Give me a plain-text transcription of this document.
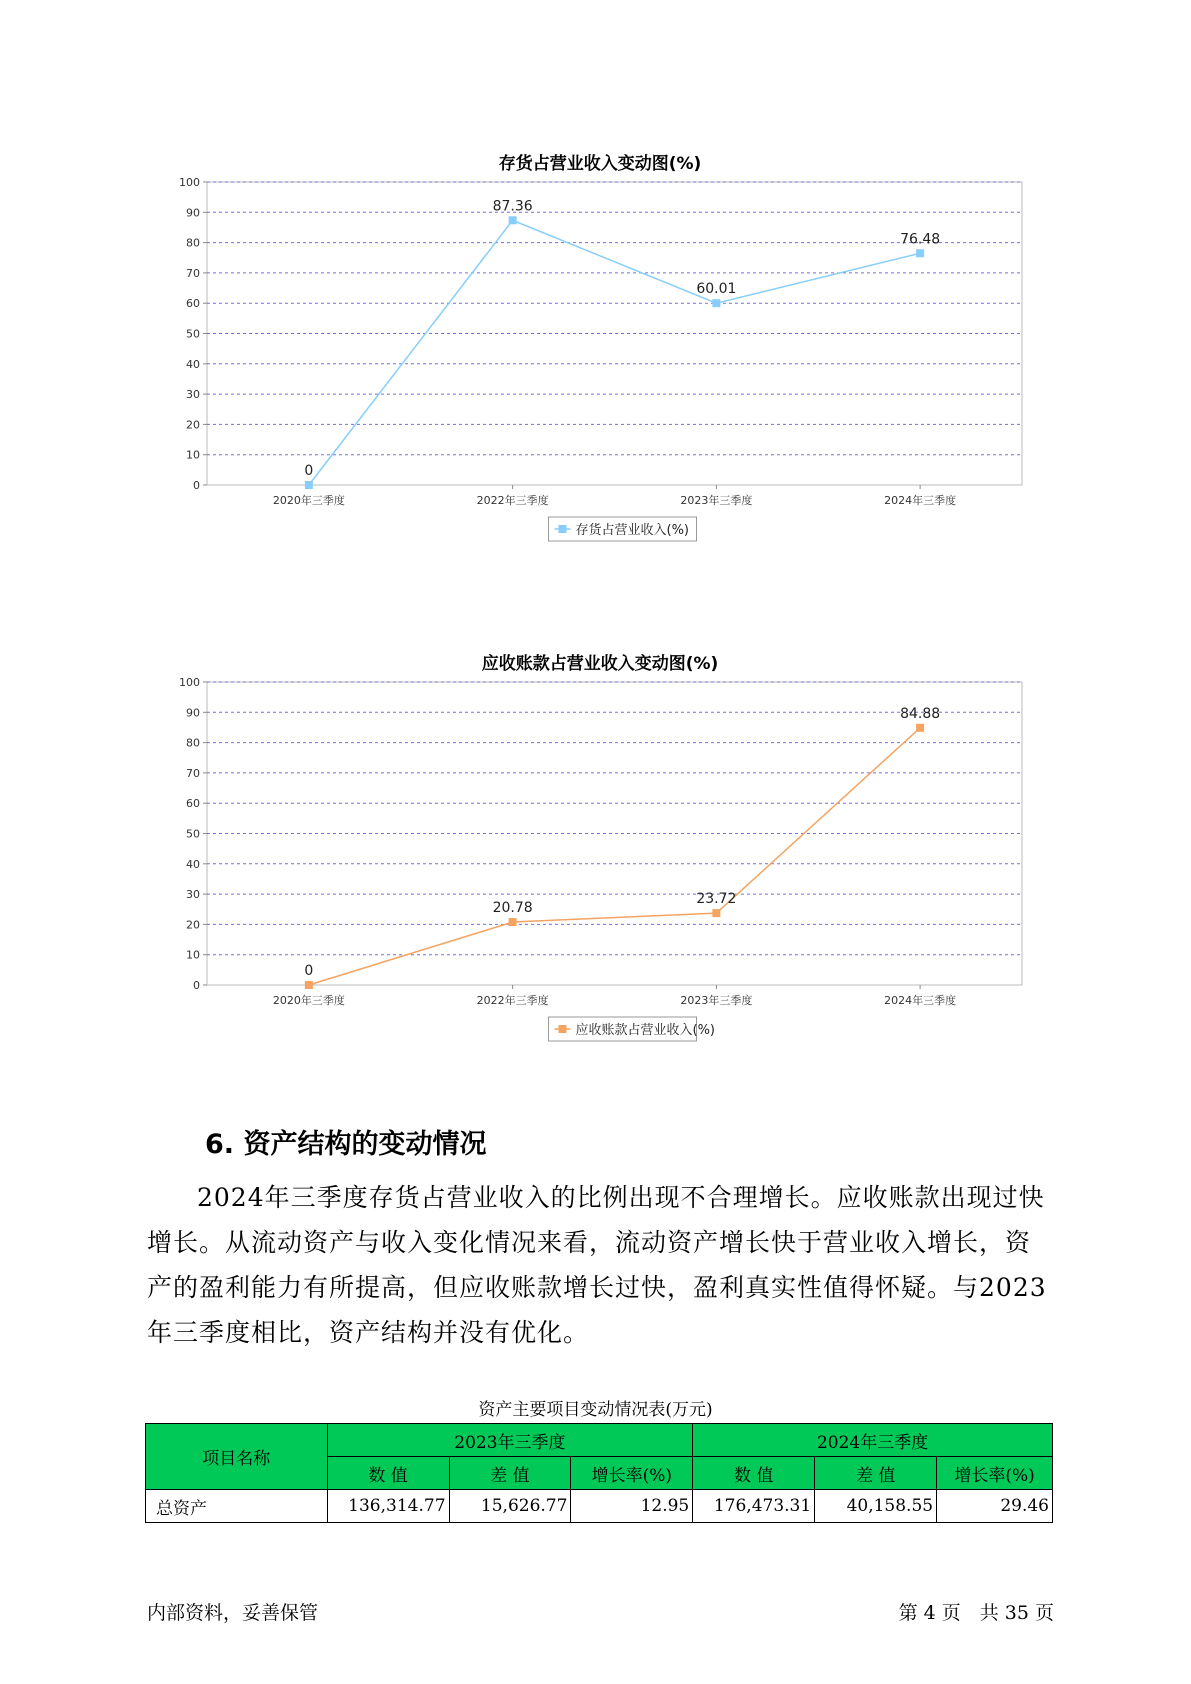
存货占营业收入变动图(%)
0
10
20
30
40
50
60
70
80
90
100
2020年三季度	2022年三季度	2023年三季度	2024年三季度
0
87.36
60.01
76.48
存货占营业收入(%)
应收账款占营业收入变动图(%)
0
10
20
30
40
50
60
70
80
90
100
2020年三季度	2022年三季度	2023年三季度	2024年三季度
0
20.78
23.72
84.88
应收账款占营业收入(%)
6. 资产结构的变动情况

2024年三季度存货占营业收入的比例出现不合理增长。应收账款出现过快增长。从流动资产与收入变化情况来看，流动资产增长快于营业收入增长，资产的盈利能力有所提高，但应收账款增长过快，盈利真实性值得怀疑。与2023年三季度相比，资产结构并没有优化。

资产主要项目变动情况表(万元)
项目名称	2023年三季度			2024年三季度		
	数 值	差 值	增长率(%)	数 值	差 值	增长率(%)
总资产	136,314.77	15,626.77	12.95	176,473.31	40,158.55	29.46
内部资料，妥善保管	第 4 页　共 35 页
